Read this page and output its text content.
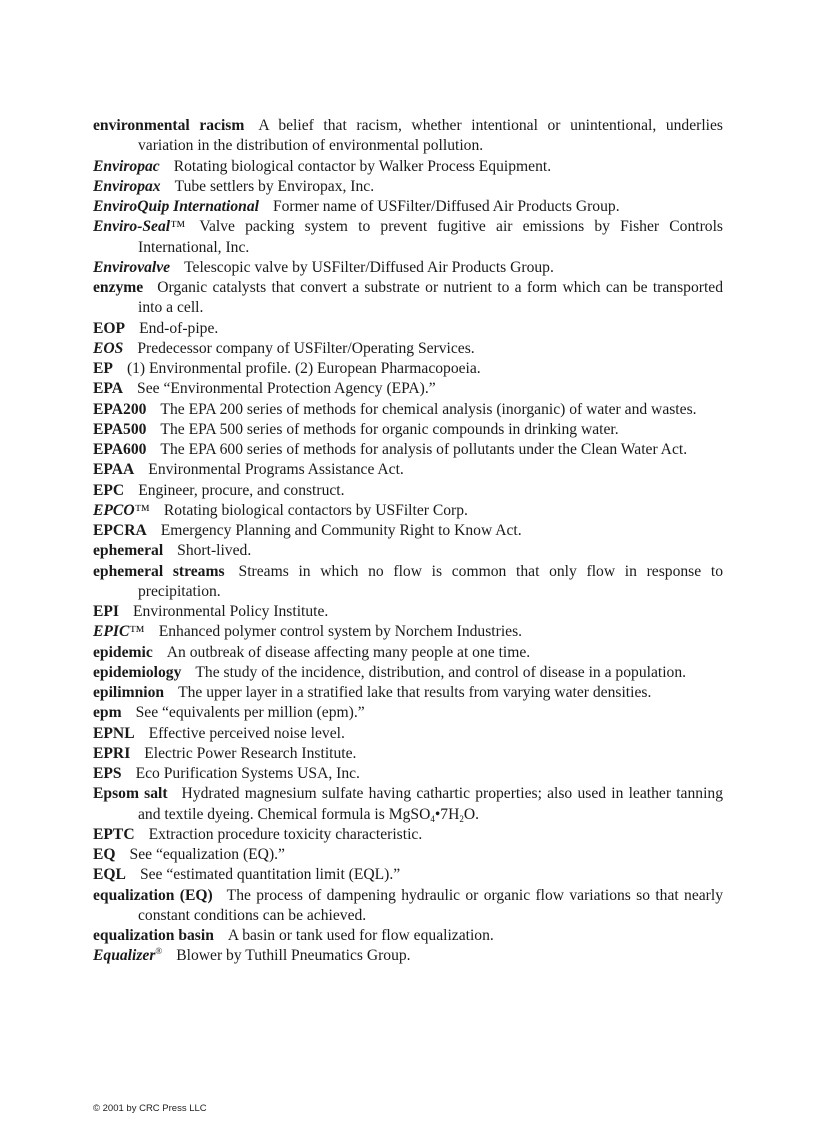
environmental racism A belief that racism, whether intentional or unintentional, underlies variation in the distribution of environmental pollution.

Enviropac Rotating biological contactor by Walker Process Equipment.

Enviropax Tube settlers by Enviropax, Inc.

EnviroQuip International Former name of USFilter/Diffused Air Products Group.

Enviro-Seal™ Valve packing system to prevent fugitive air emissions by Fisher Controls International, Inc.

Envirovalve Telescopic valve by USFilter/Diffused Air Products Group.

enzyme Organic catalysts that convert a substrate or nutrient to a form which can be transported into a cell.

EOP End-of-pipe.

EOS Predecessor company of USFilter/Operating Services.

EP (1) Environmental profile. (2) European Pharmacopoeia.

EPA See “Environmental Protection Agency (EPA).”

EPA200 The EPA 200 series of methods for chemical analysis (inorganic) of water and wastes.

EPA500 The EPA 500 series of methods for organic compounds in drinking water.

EPA600 The EPA 600 series of methods for analysis of pollutants under the Clean Water Act.

EPAA Environmental Programs Assistance Act.

EPC Engineer, procure, and construct.

EPCO™ Rotating biological contactors by USFilter Corp.

EPCRA Emergency Planning and Community Right to Know Act.

ephemeral Short-lived.

ephemeral streams Streams in which no flow is common that only flow in response to precipitation.

EPI Environmental Policy Institute.

EPIC™ Enhanced polymer control system by Norchem Industries.

epidemic An outbreak of disease affecting many people at one time.

epidemiology The study of the incidence, distribution, and control of disease in a population.

epilimnion The upper layer in a stratified lake that results from varying water densities.

epm See “equivalents per million (epm).”

EPNL Effective perceived noise level.

EPRI Electric Power Research Institute.

EPS Eco Purification Systems USA, Inc.

Epsom salt Hydrated magnesium sulfate having cathartic properties; also used in leather tanning and textile dyeing. Chemical formula is $MgSO_4•7H_2O$.

EPTC Extraction procedure toxicity characteristic.

EQ See “equalization (EQ).”

EQL See “estimated quantitation limit (EQL).”

equalization (EQ) The process of dampening hydraulic or organic flow variations so that nearly constant conditions can be achieved.

equalization basin A basin or tank used for flow equalization.

Equalizer® Blower by Tuthill Pneumatics Group.

© 2001 by CRC Press LLC
